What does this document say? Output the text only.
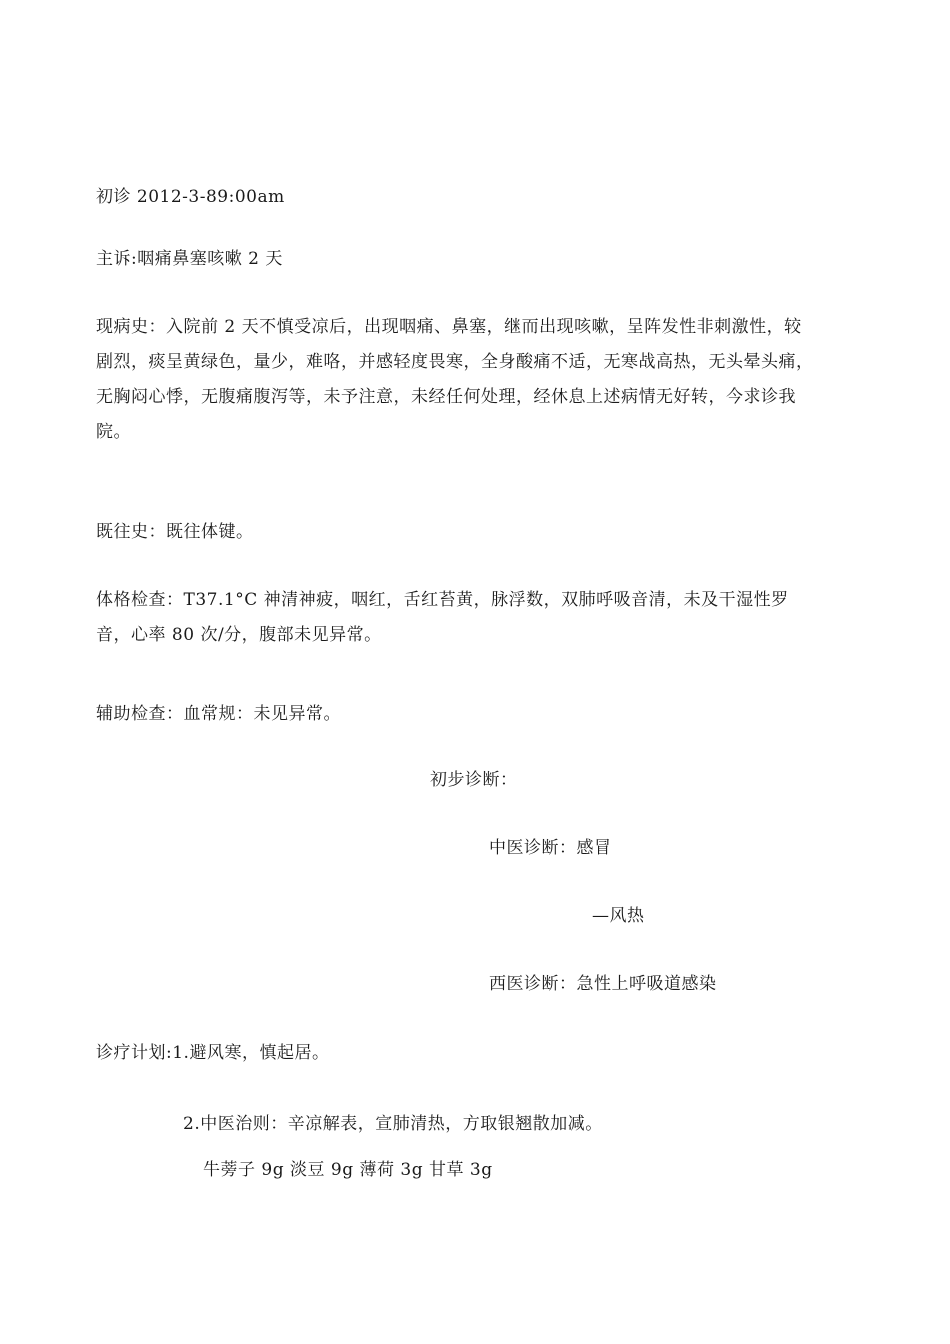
初诊 2012-3-89:00am
主诉:咽痛鼻塞咳嗽 2 天
现病史：入院前 2 天不慎受凉后，出现咽痛、鼻塞，继而出现咳嗽，呈阵发性非刺激性，较
剧烈，痰呈黄绿色，量少，难咯，并感轻度畏寒，全身酸痛不适，无寒战高热，无头晕头痛，
无胸闷心悸，无腹痛腹泻等，未予注意，未经任何处理，经休息上述病情无好转，今求诊我
院。
既往史：既往体键。
体格检查：T37.1°C 神清神疲，咽红，舌红苔黄，脉浮数，双肺呼吸音清，未及干湿性罗
音，心率 80 次/分，腹部未见异常。
辅助检查：血常规：未见异常。
初步诊断：
中医诊断：感冒
—风热
西医诊断：急性上呼吸道感染
诊疗计划:1.避风寒，慎起居。
2.中医治则：辛凉解表，宣肺清热，方取银翘散加减。
牛蒡子 9g 淡豆 9g 薄荷 3g 甘草 3g
